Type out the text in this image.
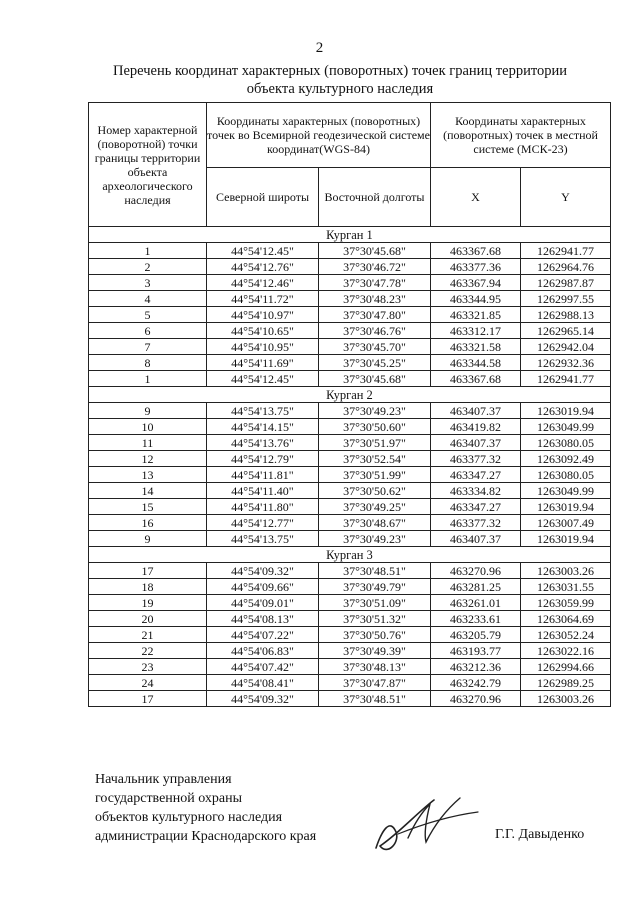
2
Перечень координат характерных (поворотных) точек границ территории
объекта культурного наследия
Номер характерной (поворотной) точки границы территории объекта археологического наследия	Координаты характерных (поворотных) точек во Всемирной геодезической системе координат(WGS-84)		Координаты характерных (поворотных) точек в местной системе (МСК-23)	
	Северной широты	Восточной долготы	X	Y
Курган 1				
1	44°54'12.45"	37°30'45.68"	463367.68	1262941.77
2	44°54'12.76"	37°30'46.72"	463377.36	1262964.76
3	44°54'12.46"	37°30'47.78"	463367.94	1262987.87
4	44°54'11.72"	37°30'48.23"	463344.95	1262997.55
5	44°54'10.97"	37°30'47.80"	463321.85	1262988.13
6	44°54'10.65"	37°30'46.76"	463312.17	1262965.14
7	44°54'10.95"	37°30'45.70"	463321.58	1262942.04
8	44°54'11.69"	37°30'45.25"	463344.58	1262932.36
1	44°54'12.45"	37°30'45.68"	463367.68	1262941.77
Курган 2				
9	44°54'13.75"	37°30'49.23"	463407.37	1263019.94
10	44°54'14.15"	37°30'50.60"	463419.82	1263049.99
11	44°54'13.76"	37°30'51.97"	463407.37	1263080.05
12	44°54'12.79"	37°30'52.54"	463377.32	1263092.49
13	44°54'11.81"	37°30'51.99"	463347.27	1263080.05
14	44°54'11.40"	37°30'50.62"	463334.82	1263049.99
15	44°54'11.80"	37°30'49.25"	463347.27	1263019.94
16	44°54'12.77"	37°30'48.67"	463377.32	1263007.49
9	44°54'13.75"	37°30'49.23"	463407.37	1263019.94
Курган 3				
17	44°54'09.32"	37°30'48.51"	463270.96	1263003.26
18	44°54'09.66"	37°30'49.79"	463281.25	1263031.55
19	44°54'09.01"	37°30'51.09"	463261.01	1263059.99
20	44°54'08.13"	37°30'51.32"	463233.61	1263064.69
21	44°54'07.22"	37°30'50.76"	463205.79	1263052.24
22	44°54'06.83"	37°30'49.39"	463193.77	1263022.16
23	44°54'07.42"	37°30'48.13"	463212.36	1262994.66
24	44°54'08.41"	37°30'47.87"	463242.79	1262989.25
17	44°54'09.32"	37°30'48.51"	463270.96	1263003.26
Начальник управления
государственной охраны
объектов культурного наследия
администрации Краснодарского края	Г.Г. Давыденко
